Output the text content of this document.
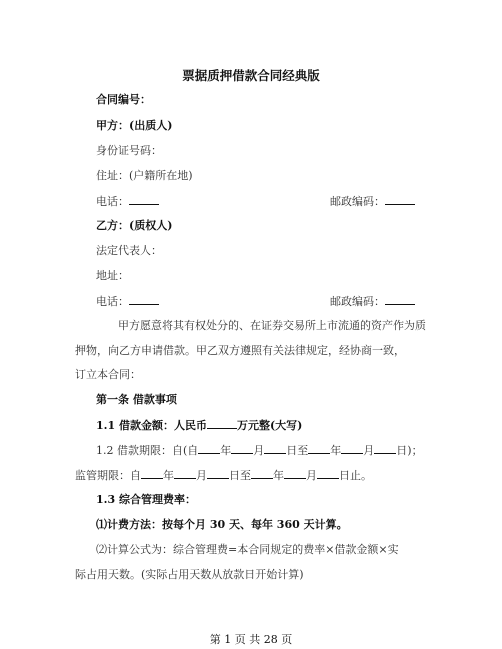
票据质押借款合同经典版
合同编号：
甲方：(出质人)
身份证号码：
住址：(户籍所在地)
电话：	邮政编码：
乙方：(质权人)
法定代表人：
地址：
电话：	邮政编码：
甲方愿意将其有权处分的、在证券交易所上市流通的资产作为质
押物，向乙方申请借款。甲乙双方遵照有关法律规定，经协商一致，
订立本合同：
第一条 借款事项
1.1 借款金额：人民币	万元整(大写)
1.2 借款期限：自(自 年 月 日至 年 月 日)；
监管期限：自 年 月 日至 年 月 日止。
1.3 综合管理费率：
⑴计费方法：按每个月 30 天、每年 360 天计算。
⑵计算公式为：综合管理费=本合同规定的费率×借款金额×实
际占用天数。(实际占用天数从放款日开始计算)
第 1 页 共 28 页
